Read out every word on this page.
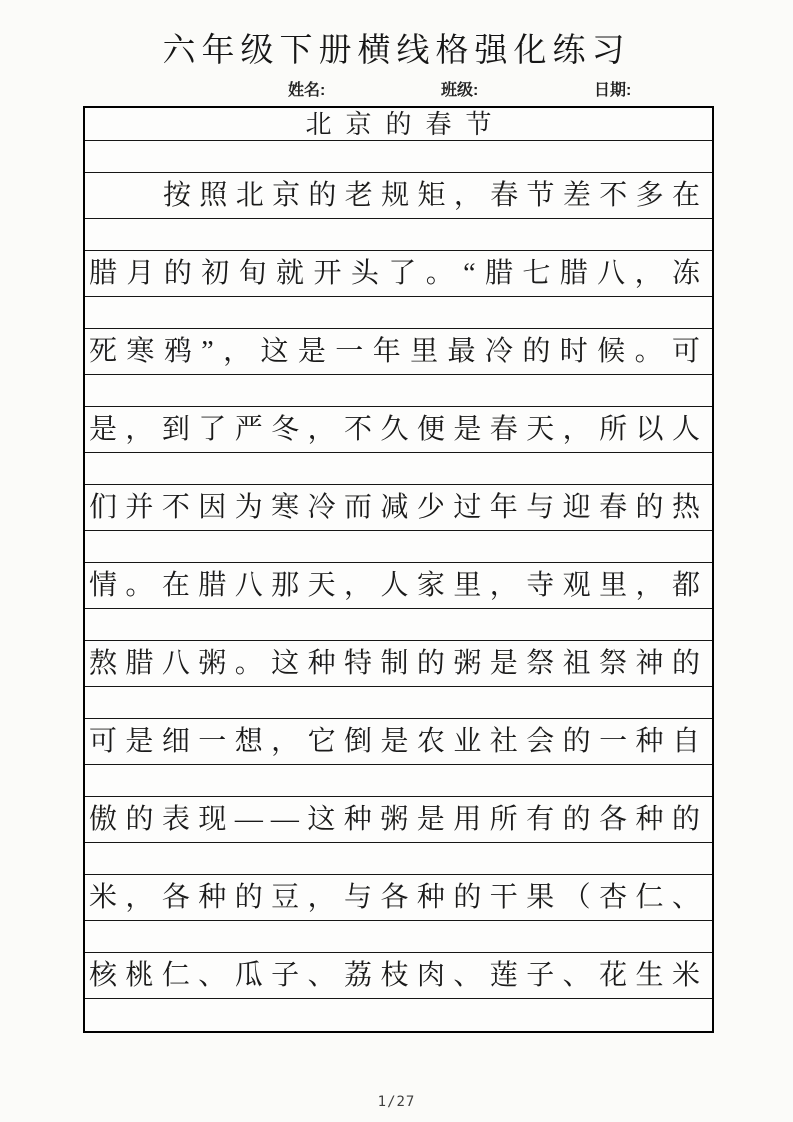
六年级下册横线格强化练习
姓名:	班级:	日期:
北京的春节
按照北京的老规矩，春节差不多在
腊月的初旬就开头了。“腊七腊八，冻
死寒鸦”，这是一年里最冷的时候。可
是，到了严冬，不久便是春天，所以人
们并不因为寒冷而减少过年与迎春的热
情。在腊八那天，人家里，寺观里，都
熬腊八粥。这种特制的粥是祭祖祭神的
可是细一想，它倒是农业社会的一种自
傲的表现——这种粥是用所有的各种的
米，各种的豆，与各种的干果（杏仁、
核桃仁、瓜子、荔枝肉、莲子、花生米
1/27
